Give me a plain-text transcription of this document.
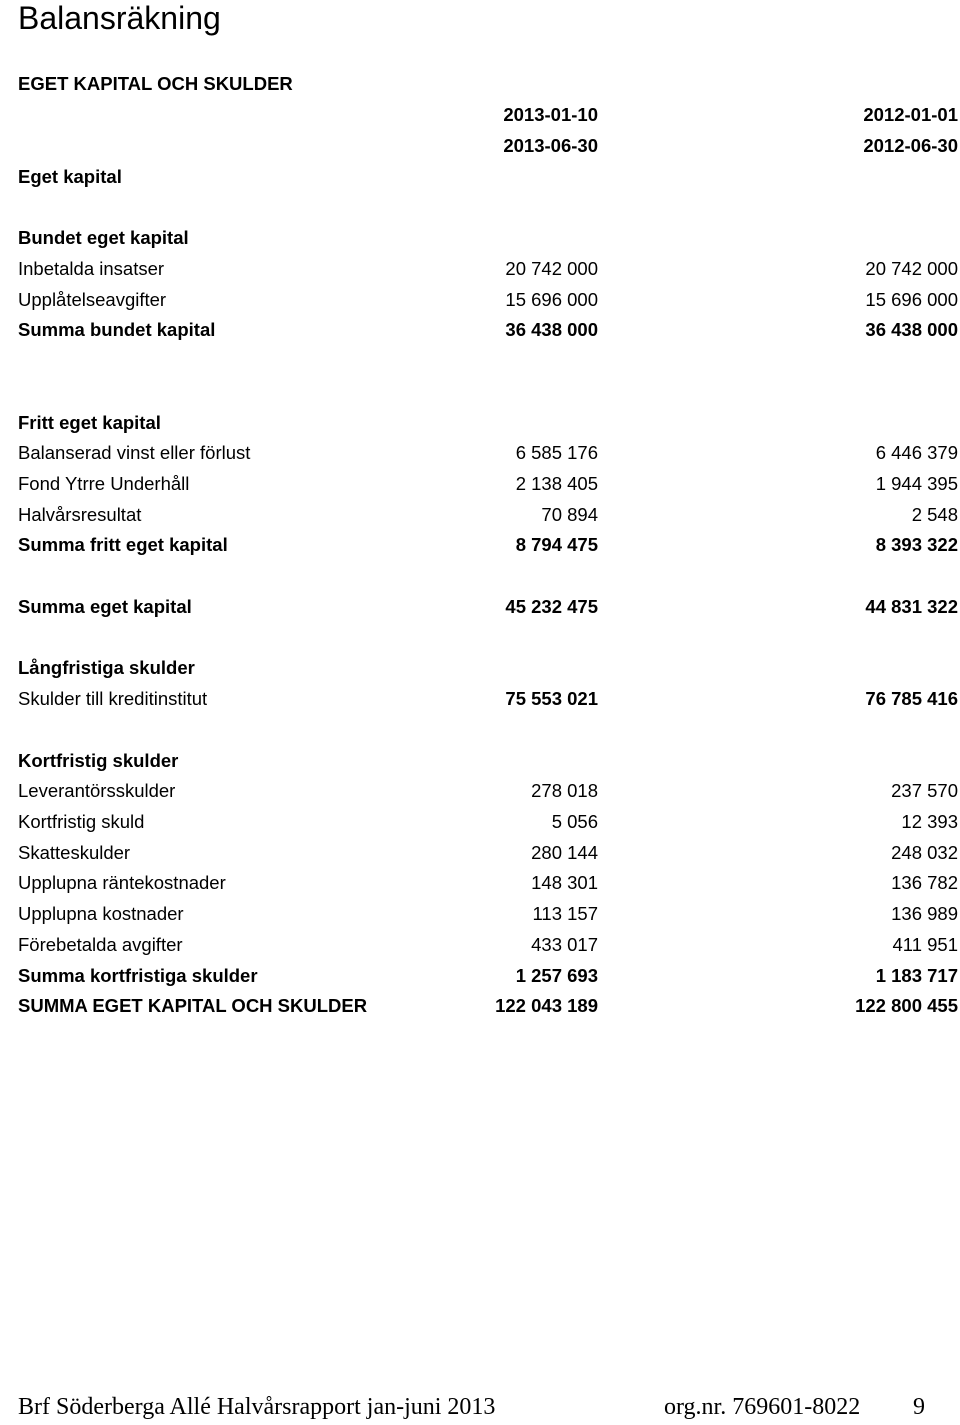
Balansräkning
EGET KAPITAL OCH SKULDER
2013-01-10	2012-01-01
2013-06-30	2012-06-30
Eget kapital
Bundet eget kapital
Inbetalda insatser	20 742 000	20 742 000
Upplåtelseavgifter	15 696 000	15 696 000
Summa bundet kapital	36 438 000	36 438 000
Fritt eget kapital
Balanserad vinst eller förlust	6 585 176	6 446 379
Fond Ytrre Underhåll	2 138 405	1 944 395
Halvårsresultat	70 894	2 548
Summa fritt eget kapital	8 794 475	8 393 322
Summa eget kapital	45 232 475	44 831 322
Långfristiga skulder
Skulder till kreditinstitut	75 553 021	76 785 416
Kortfristig skulder
Leverantörsskulder	278 018	237 570
Kortfristig skuld	5 056	12 393
Skatteskulder	280 144	248 032
Upplupna räntekostnader	148 301	136 782
Upplupna kostnader	113 157	136 989
Förebetalda avgifter	433 017	411 951
Summa kortfristiga skulder	1 257 693	1 183 717
SUMMA EGET KAPITAL OCH SKULDER	122 043 189	122 800 455
Brf Söderberga Allé Halvårsrapport jan-juni 2013	org.nr. 769601-8022 9
